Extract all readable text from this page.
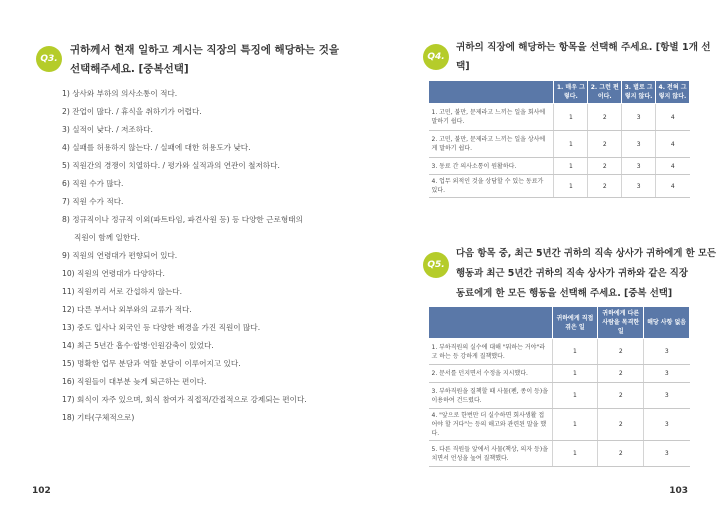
Q3.
귀하께서 현재 일하고 계시는 직장의 특징에 해당하는 것을
선택해주세요. [중복선택]
1) 상사와 부하의 의사소통이 적다.
2) 잔업이 많다. / 휴식을 취하기가 어렵다.
3) 실적이 낮다. / 저조하다.
4) 실패를 허용하지 않는다. / 실패에 대한 허용도가 낮다.
5) 직원간의 경쟁이 치열하다. / 평가와 실적과의 연관이 철저하다.
6) 직원 수가 많다.
7) 직원 수가 적다.
8) 정규직이나 정규직 이외(파트타임, 파견사원 등) 등 다양한 근로형태의
직원이 함께 일한다.
9) 직원의 연령대가 편향되어 있다.
10) 직원의 연령대가 다양하다.
11) 직원끼리 서로 간섭하지 않는다.
12) 다른 부서나 외부와의 교류가 적다.
13) 중도 입사나 외국인 등 다양한 배경을 가진 직원이 많다.
14) 최근 5년간 흡수·합병·인원감축이 있었다.
15) 명확한 업무 분담과 역할 분담이 이루어지고 있다.
16) 직원들이 대부분 늦게 퇴근하는 편이다.
17) 회식이 자주 있으며, 회식 참여가 직접적/간접적으로 강제되는 편이다.
18) 기타(구체적으로)
102
Q4.
귀하의 직장에 해당하는 항목을 선택해 주세요. [항별 1개 선택]
	1. 매우 그렇다.	2. 그런 편이다.	3. 별로 그렇지 않다.	4. 전혀 그렇지 않다.
1. 고민, 불만, 문제라고 느끼는 일을 회사에 말하기 쉽다.	1	2	3	4
2. 고민, 불만, 문제라고 느끼는 일을 상사에게 말하기 쉽다.	1	2	3	4
3. 동료 간 의사소통이 원활하다.	1	2	3	4
4. 업무 외적인 것을 상담할 수 있는 동료가 있다.	1	2	3	4
Q5.
다음 항목 중, 최근 5년간 귀하의 직속 상사가 귀하에게 한 모든
행동과 최근 5년간 귀하의 직속 상사가 귀하와 같은 직장
동료에게 한 모든 행동을 선택해 주세요. [중복 선택]
	귀하에게 직접 겪은 일	귀하에게 다른 사람을 목격한 일	해당 사항 없음
1. 부하직원의 실수에 대해 "뭐하는 거야"라고 하는 등 강하게 질책했다.	1	2	3
2. 문서를 던지면서 수정을 지시했다.	1	2	3
3. 부하직원을 질책할 때 사물(펜, 종이 등)을 이용하여 건드렸다.	1	2	3
4. "앞으로 한번만 더 실수하면 회사생활 접어야 할 거다"는 등의 해고와 관련된 말을 했다.	1	2	3
5. 다른 직원들 앞에서 사물(책상, 의자 등)을 치면서 언성을 높여 질책했다.	1	2	3
103
